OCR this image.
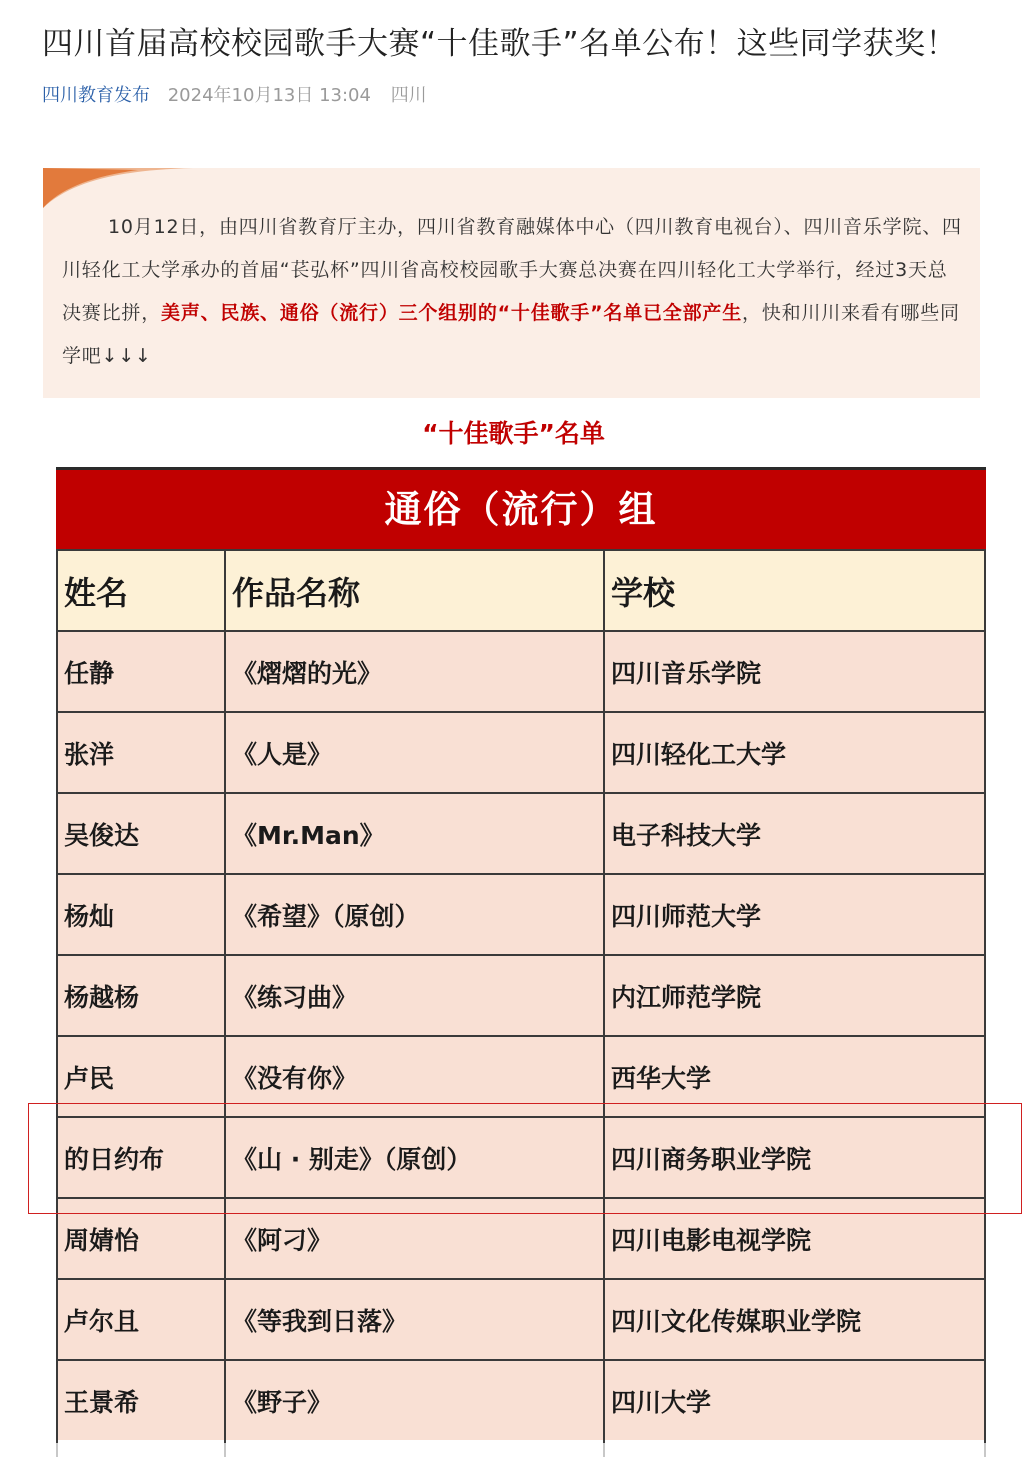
四川首届高校校园歌手大赛“十佳歌手”名单公布！这些同学获奖！
四川教育发布 2024年10月13日 13:04 四川

10月12日，由四川省教育厅主办，四川省教育融媒体中心（四川教育电视台）、四川音乐学院、四川轻化工大学承办的首届“苌弘杯”四川省高校校园歌手大赛总决赛在四川轻化工大学举行，经过3天总决赛比拼，美声、民族、通俗（流行）三个组别的“十佳歌手”名单已全部产生，快和川川来看有哪些同学吧↓↓↓

“十佳歌手”名单
通俗（流行）组
姓名	作品名称	学校
任静	《熠熠的光》	四川音乐学院
张洋	《人是》	四川轻化工大学
吴俊达	《Mr.Man》	电子科技大学
杨灿	《希望》（原创）	四川师范大学
杨越杨	《练习曲》	内江师范学院
卢民	《没有你》	西华大学
的日约布	《山 · 别走》（原创）	四川商务职业学院
周婧怡	《阿刁》	四川电影电视学院
卢尔且	《等我到日落》	四川文化传媒职业学院
王景希	《野子》	四川大学
